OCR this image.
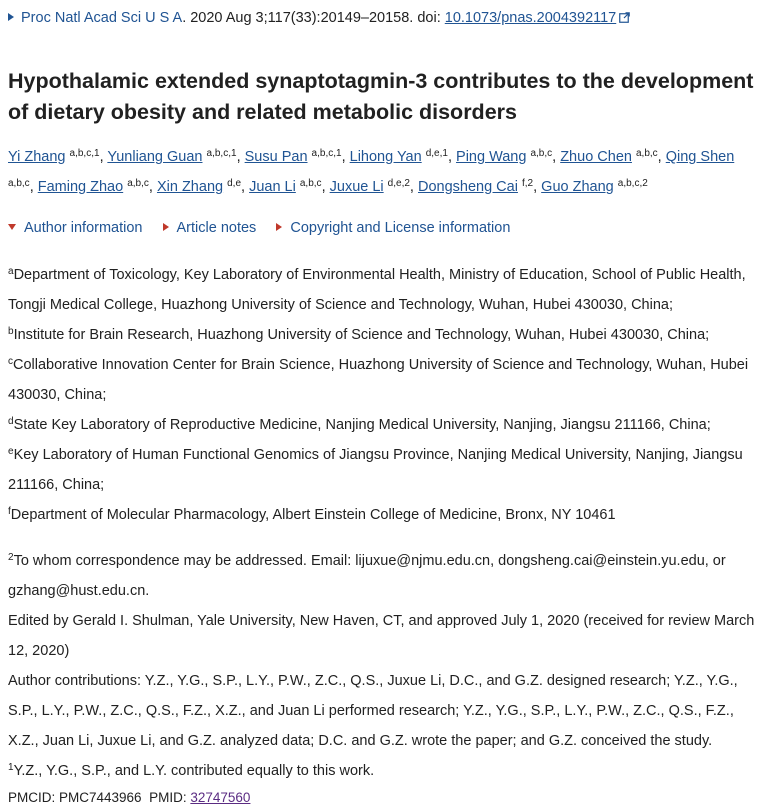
Proc Natl Acad Sci U S A. 2020 Aug 3;117(33):20149–20158. doi: 10.1073/pnas.2004392117
Hypothalamic extended synaptotagmin-3 contributes to the development of dietary obesity and related metabolic disorders
Yi Zhang $^{a,b,c,1}$, Yunliang Guan $^{a,b,c,1}$, Susu Pan $^{a,b,c,1}$, Lihong Yan $^{d,e,1}$, Ping Wang $^{a,b,c}$, Zhuo Chen $^{a,b,c}$, Qing Shen $^{a,b,c}$, Faming Zhao $^{a,b,c}$, Xin Zhang $^{d,e}$, Juan Li $^{a,b,c}$, Juxue Li $^{d,e,2}$, Dongsheng Cai $^{f,2}$, Guo Zhang $^{a,b,c,2}$
Author information Article notes Copyright and License information

$^a$Department of Toxicology, Key Laboratory of Environmental Health, Ministry of Education, School of Public Health, Tongji Medical College, Huazhong University of Science and Technology, Wuhan, Hubei 430030, China;

$^b$Institute for Brain Research, Huazhong University of Science and Technology, Wuhan, Hubei 430030, China;

$^c$Collaborative Innovation Center for Brain Science, Huazhong University of Science and Technology, Wuhan, Hubei 430030, China;

$^d$State Key Laboratory of Reproductive Medicine, Nanjing Medical University, Nanjing, Jiangsu 211166, China;

$^e$Key Laboratory of Human Functional Genomics of Jiangsu Province, Nanjing Medical University, Nanjing, Jiangsu 211166, China;

$^f$Department of Molecular Pharmacology, Albert Einstein College of Medicine, Bronx, NY 10461

$^2$To whom correspondence may be addressed. Email: lijuxue@njmu.edu.cn, dongsheng.cai@einstein.yu.edu, or gzhang@hust.edu.cn.

Edited by Gerald I. Shulman, Yale University, New Haven, CT, and approved July 1, 2020 (received for review March 12, 2020)

Author contributions: Y.Z., Y.G., S.P., L.Y., P.W., Z.C., Q.S., Juxue Li, D.C., and G.Z. designed research; Y.Z., Y.G., S.P., L.Y., P.W., Z.C., Q.S., F.Z., X.Z., and Juan Li performed research; Y.Z., Y.G., S.P., L.Y., P.W., Z.C., Q.S., F.Z., X.Z., Juan Li, Juxue Li, and G.Z. analyzed data; D.C. and G.Z. wrote the paper; and G.Z. conceived the study.

$^1$Y.Z., Y.G., S.P., and L.Y. contributed equally to this work.

PMCID: PMC7443966 PMID: 32747560
